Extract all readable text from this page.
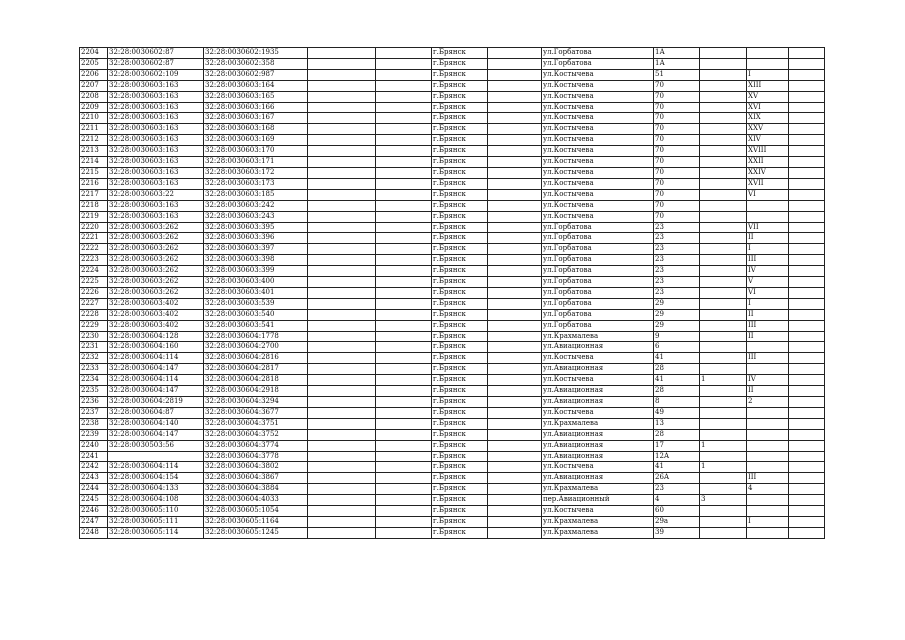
2204	32:28:0030602:87	32:28:0030602:1935			г.Брянск		ул.Горбатова	1А			
2205	32:28:0030602:87	32:28:0030602:358			г.Брянск		ул.Горбатова	1А			
2206	32:28:0030602:109	32:28:0030602:987			г.Брянск		ул.Костычева	51		I	
2207	32:28:0030603:163	32:28:0030603:164			г.Брянск		ул.Костычева	70		XIII	
2208	32:28:0030603:163	32:28:0030603:165			г.Брянск		ул.Костычева	70		XV	
2209	32:28:0030603:163	32:28:0030603:166			г.Брянск		ул.Костычева	70		XVI	
2210	32:28:0030603:163	32:28:0030603:167			г.Брянск		ул.Костычева	70		XIX	
2211	32:28:0030603:163	32:28:0030603:168			г.Брянск		ул.Костычева	70		XXV	
2212	32:28:0030603:163	32:28:0030603:169			г.Брянск		ул.Костычева	70		XIV	
2213	32:28:0030603:163	32:28:0030603:170			г.Брянск		ул.Костычева	70		XVIII	
2214	32:28:0030603:163	32:28:0030603:171			г.Брянск		ул.Костычева	70		XXII	
2215	32:28:0030603:163	32:28:0030603:172			г.Брянск		ул.Костычева	70		XXIV	
2216	32:28:0030603:163	32:28:0030603:173			г.Брянск		ул.Костычева	70		XVII	
2217	32:28:0030603:22	32:28:0030603:185			г.Брянск		ул.Костычева	70		VI	
2218	32:28:0030603:163	32:28:0030603:242			г.Брянск		ул.Костычева	70			
2219	32:28:0030603:163	32:28:0030603:243			г.Брянск		ул.Костычева	70			
2220	32:28:0030603:262	32:28:0030603:395			г.Брянск		ул.Горбатова	23		VII	
2221	32:28:0030603:262	32:28:0030603:396			г.Брянск		ул.Горбатова	23		II	
2222	32:28:0030603:262	32:28:0030603:397			г.Брянск		ул.Горбатова	23		I	
2223	32:28:0030603:262	32:28:0030603:398			г.Брянск		ул.Горбатова	23		III	
2224	32:28:0030603:262	32:28:0030603:399			г.Брянск		ул.Горбатова	23		IV	
2225	32:28:0030603:262	32:28:0030603:400			г.Брянск		ул.Горбатова	23		V	
2226	32:28:0030603:262	32:28:0030603:401			г.Брянск		ул.Горбатова	23		VI	
2227	32:28:0030603:402	32:28:0030603:539			г.Брянск		ул.Горбатова	29		I	
2228	32:28:0030603:402	32:28:0030603:540			г.Брянск		ул.Горбатова	29		II	
2229	32:28:0030603:402	32:28:0030603:541			г.Брянск		ул.Горбатова	29		III	
2230	32:28:0030604:128	32:28:0030604:1778			г.Брянск		ул.Крахмалева	9		II	
2231	32:28:0030604:160	32:28:0030604:2700			г.Брянск		ул.Авиационная	6			
2232	32:28:0030604:114	32:28:0030604:2816			г.Брянск		ул.Костычева	41		III	
2233	32:28:0030604:147	32:28:0030604:2817			г.Брянск		ул.Авиационная	28			
2234	32:28:0030604:114	32:28:0030604:2818			г.Брянск		ул.Костычева	41	1	IV	
2235	32:28:0030604:147	32:28:0030604:2918			г.Брянск		ул.Авиационная	28		II	
2236	32:28:0030604:2819	32:28:0030604:3294			г.Брянск		ул.Авиационная	8		2	
2237	32:28:0030604:87	32:28:0030604:3677			г.Брянск		ул.Костычева	49			
2238	32:28:0030604:140	32:28:0030604:3751			г.Брянск		ул.Крахмалева	13			
2239	32:28:0030604:147	32:28:0030604:3752			г.Брянск		ул.Авиационная	28			
2240	32:28:0030503:56	32:28:0030604:3774			г.Брянск		ул.Авиационная	17	1		
2241		32:28:0030604:3778			г.Брянск		ул.Авиационная	12А			
2242	32:28:0030604:114	32:28:0030604:3802			г.Брянск		ул.Костычева	41	1		
2243	32:28:0030604:154	32:28:0030604:3867			г.Брянск		ул.Авиационная	26А		III	
2244	32:28:0030604:133	32:28:0030604:3884			г.Брянск		ул.Крахмалева	23		4	
2245	32:28:0030604:108	32:28:0030604:4033			г.Брянск		пер.Авиационный	4	3		
2246	32:28:0030605:110	32:28:0030605:1054			г.Брянск		ул.Костычева	60			
2247	32:28:0030605:111	32:28:0030605:1164			г.Брянск		ул.Крахмалева	29а		I	
2248	32:28:0030605:114	32:28:0030605:1245			г.Брянск		ул.Крахмалева	39			
